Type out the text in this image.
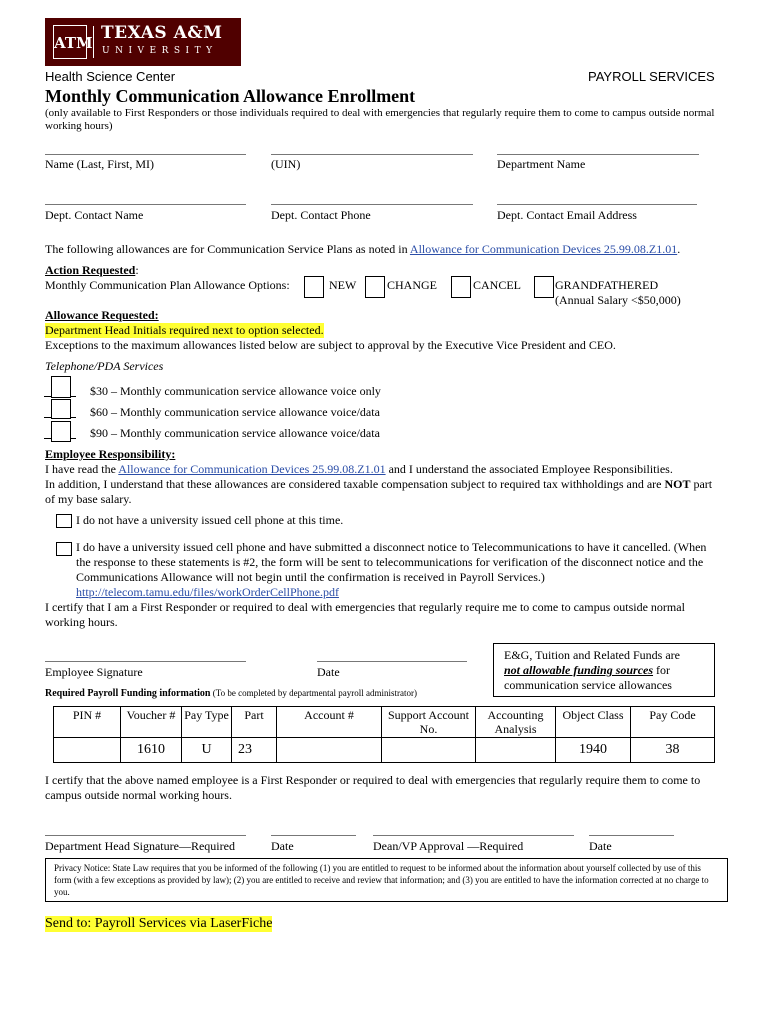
ATM TEXAS A&M
UNIVERSITY
Health Science Center	PAYROLL SERVICES
Monthly Communication Allowance Enrollment
(only available to First Responders or those individuals required to deal with emergencies that regularly require them to come to campus outside normal working hours)
Name (Last, First, MI)	(UIN)	Department Name
Dept. Contact Name	Dept. Contact Phone	Dept. Contact Email Address
The following allowances are for Communication Service Plans as noted in Allowance for Communication Devices 25.99.08.Z1.01.
Action Requested:
Monthly Communication Plan Allowance Options:	NEW	CHANGE	CANCEL	GRANDFATHERED
(Annual Salary <$50,000)
Allowance Requested:
Department Head Initials required next to option selected.
Exceptions to the maximum allowances listed below are subject to approval by the Executive Vice President and CEO.
Telephone/PDA Services
$30 – Monthly communication service allowance voice only
$60 – Monthly communication service allowance voice/data
$90 – Monthly communication service allowance voice/data
Employee Responsibility:
I have read the Allowance for Communication Devices 25.99.08.Z1.01 and I understand the associated Employee Responsibilities.
In addition, I understand that these allowances are considered taxable compensation subject to required tax withholdings and are NOT part of my base salary.
I do not have a university issued cell phone at this time.
I do have a university issued cell phone and have submitted a disconnect notice to Telecommunications to have it cancelled. (When the response to these statements is #2, the form will be sent to telecommunications for verification of the disconnect notice and the Communications Allowance will not begin until the confirmation is received in Payroll Services.)
http://telecom.tamu.edu/files/workOrderCellPhone.pdf
I certify that I am a First Responder or required to deal with emergencies that regularly require me to come to campus outside normal working hours.
Employee Signature	Date
E&G, Tuition and Related Funds are
not allowable funding sources for communication service allowances
Required Payroll Funding information (To be completed by departmental payroll administrator)
PIN #	Voucher #	Pay Type	Part	Account #	Support Account No.	Accounting Analysis	Object Class	Pay Code
	1610	U	23				1940	38
I certify that the above named employee is a First Responder or required to deal with emergencies that regularly require them to come to campus outside normal working hours.
Department Head Signature—Required	Date	Dean/VP Approval —Required	Date
Privacy Notice: State Law requires that you be informed of the following (1) you are entitled to request to be informed about the information about yourself collected by use of this form (with a few exceptions as provided by law); (2) you are entitled to receive and review that information; and (3) you are entitled to have the information corrected at no charge to you.
Send to: Payroll Services via LaserFiche
